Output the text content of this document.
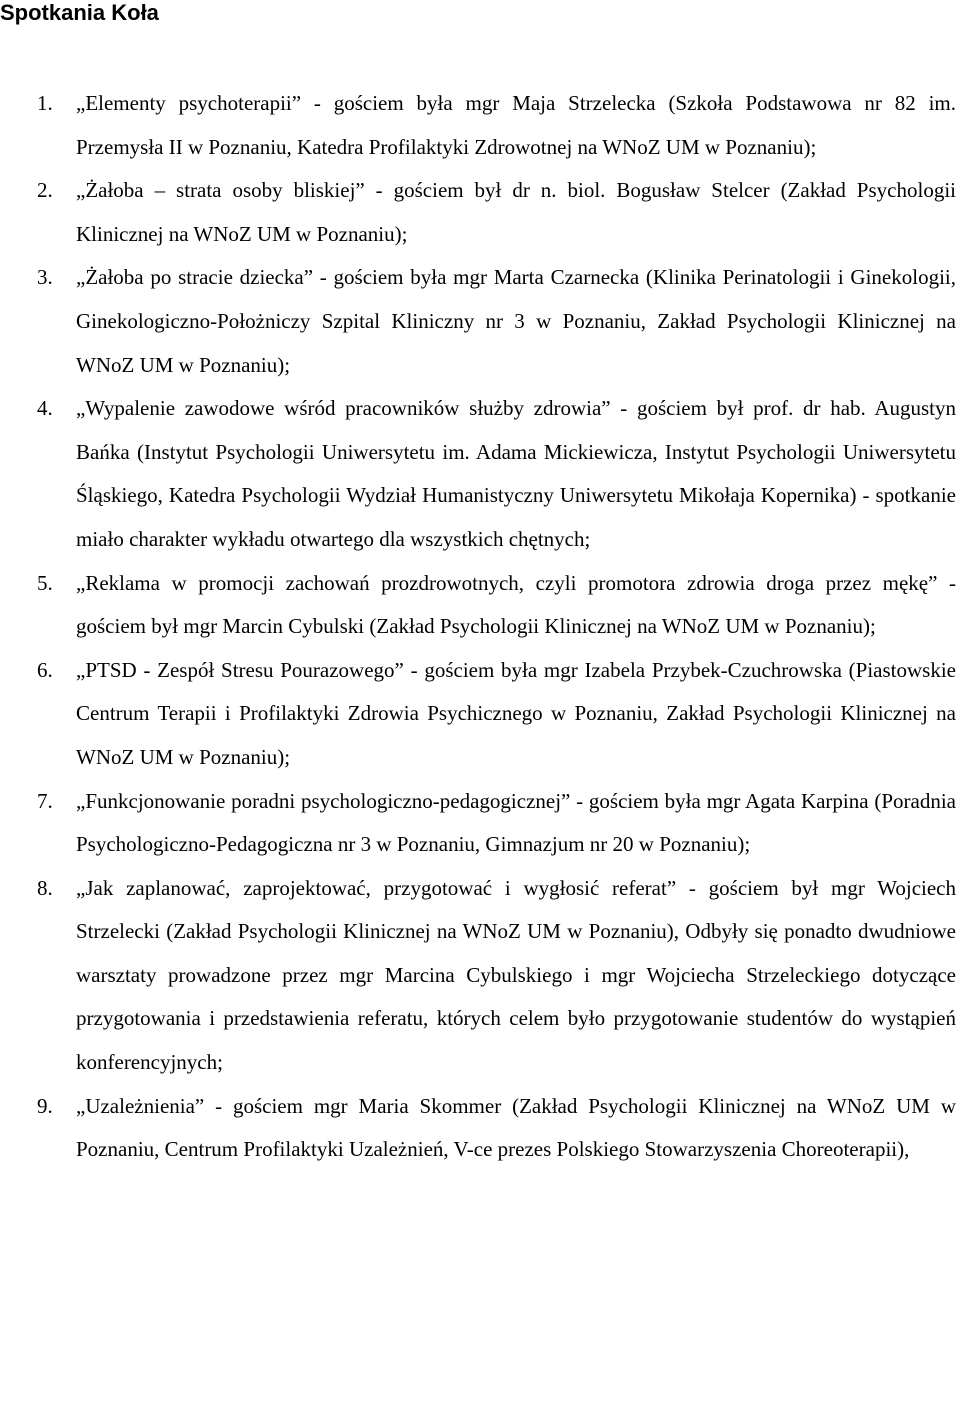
Spotkania Koła
1. „Elementy psychoterapii” - gościem była mgr Maja Strzelecka (Szkoła Podstawowa nr 82 im. Przemysła II w Poznaniu, Katedra Profilaktyki Zdrowotnej na WNoZ UM w Poznaniu);
2. „Żałoba – strata osoby bliskiej” - gościem był dr n. biol. Bogusław Stelcer (Zakład Psychologii Klinicznej na WNoZ UM w Poznaniu);
3. „Żałoba po stracie dziecka” - gościem była mgr Marta Czarnecka (Klinika Perinatologii i Ginekologii, Ginekologiczno-Położniczy Szpital Kliniczny nr 3 w Poznaniu, Zakład Psychologii Klinicznej na WNoZ UM w Poznaniu);
4. „Wypalenie zawodowe wśród pracowników służby zdrowia” - gościem był prof. dr hab. Augustyn Bańka (Instytut Psychologii Uniwersytetu im. Adama Mickiewicza, Instytut Psychologii Uniwersytetu Śląskiego, Katedra Psychologii Wydział Humanistyczny Uniwersytetu Mikołaja Kopernika) - spotkanie miało charakter wykładu otwartego dla wszystkich chętnych;
5. „Reklama w promocji zachowań prozdrowotnych, czyli promotora zdrowia droga przez mękę” - gościem był mgr Marcin Cybulski (Zakład Psychologii Klinicznej na WNoZ UM w Poznaniu);
6. „PTSD - Zespół Stresu Pourazowego” - gościem była mgr Izabela Przybek-Czuchrowska (Piastowskie Centrum Terapii i Profilaktyki Zdrowia Psychicznego w Poznaniu, Zakład Psychologii Klinicznej na WNoZ UM w Poznaniu);
7. „Funkcjonowanie poradni psychologiczno-pedagogicznej” - gościem była mgr Agata Karpina (Poradnia Psychologiczno-Pedagogiczna nr 3 w Poznaniu, Gimnazjum nr 20 w Poznaniu);
8. „Jak zaplanować, zaprojektować, przygotować i wygłosić referat” - gościem był mgr Wojciech Strzelecki (Zakład Psychologii Klinicznej na WNoZ UM w Poznaniu), Odbyły się ponadto dwudniowe warsztaty prowadzone przez mgr Marcina Cybulskiego i mgr Wojciecha Strzeleckiego dotyczące przygotowania i przedstawienia referatu, których celem było przygotowanie studentów do wystąpień konferencyjnych;
9. „Uzależnienia” - gościem mgr Maria Skommer (Zakład Psychologii Klinicznej na WNoZ UM w Poznaniu, Centrum Profilaktyki Uzależnień, V-ce prezes Polskiego Stowarzyszenia Choreoterapii),
